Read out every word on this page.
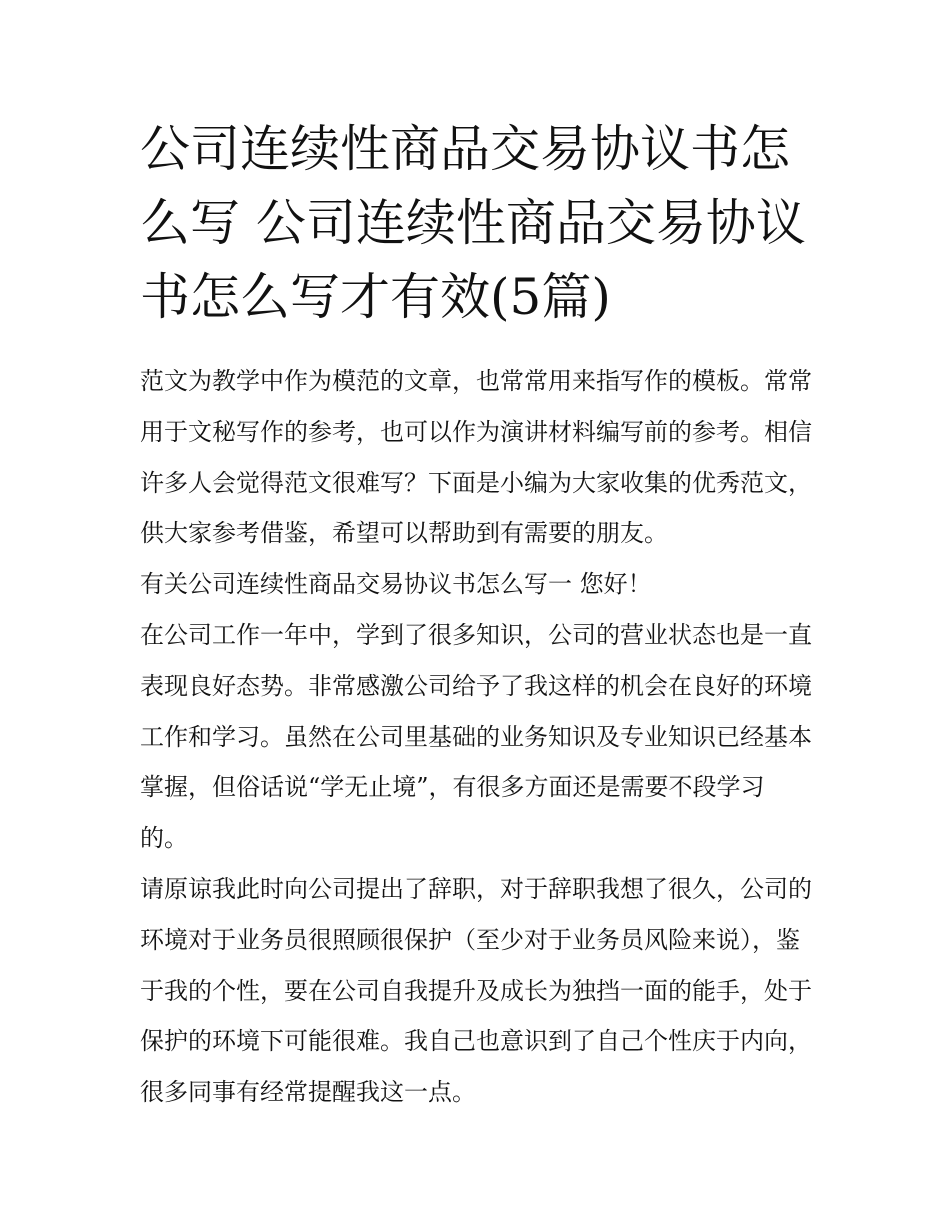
公司连续性商品交易协议书怎么写 公司连续性商品交易协议书怎么写才有效(5篇)

范文为教学中作为模范的文章，也常常用来指写作的模板。常常用于文秘写作的参考，也可以作为演讲材料编写前的参考。相信许多人会觉得范文很难写？下面是小编为大家收集的优秀范文，供大家参考借鉴，希望可以帮助到有需要的朋友。

有关公司连续性商品交易协议书怎么写一 您好！

在公司工作一年中，学到了很多知识，公司的营业状态也是一直表现良好态势。非常感激公司给予了我这样的机会在良好的环境工作和学习。虽然在公司里基础的业务知识及专业知识已经基本掌握，但俗话说“学无止境”，有很多方面还是需要不段学习的。

请原谅我此时向公司提出了辞职，对于辞职我想了很久，公司的环境对于业务员很照顾很保护（至少对于业务员风险来说），鉴于我的个性，要在公司自我提升及成长为独挡一面的能手，处于保护的环境下可能很难。我自己也意识到了自己个性庆于内向，很多同事有经常提醒我这一点。
